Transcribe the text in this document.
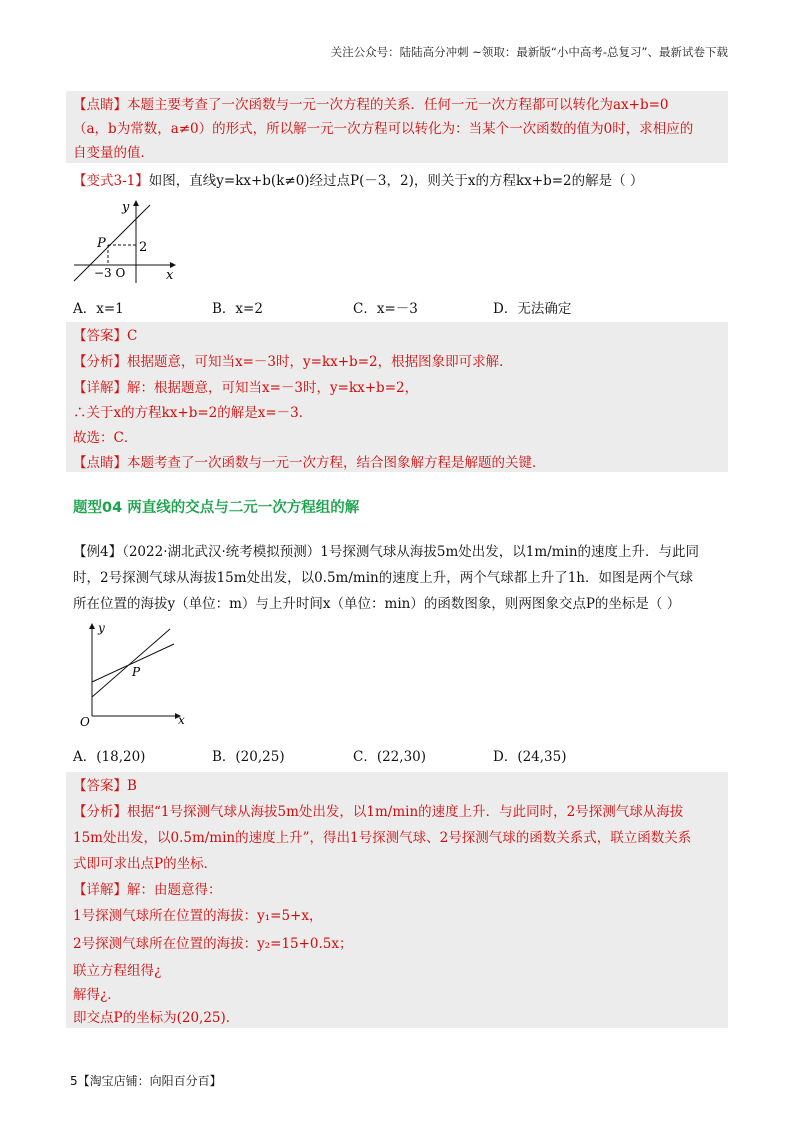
关注公众号：陆陆高分冲刺 ~领取：最新版“小中高考-总复习”、最新试卷下载
【点睛】本题主要考查了一次函数与一元一次方程的关系．任何一元一次方程都可以转化为ax+b=0
（a，b为常数，a≠0）的形式，所以解一元一次方程可以转化为：当某个一次函数的值为0时，求相应的
自变量的值．
【变式3-1】如图，直线y=kx+b(k≠0)经过点P(－3，2)，则关于x的方程kx+b=2的解是（ ）
y
x
P	2
−3 O
A．x=1	B．x=2	C．x=－3	D．无法确定
【答案】C
【分析】根据题意，可知当x=－3时，y=kx+b=2，根据图象即可求解．
【详解】解：根据题意，可知当x=－3时，y=kx+b=2，
∴关于x的方程kx+b=2的解是x=－3．
故选：C．
【点睛】本题考查了一次函数与一元一次方程，结合图象解方程是解题的关键．
题型04 两直线的交点与二元一次方程组的解
【例4】（2022·湖北武汉·统考模拟预测）1号探测气球从海拔5m处出发，以1m/min的速度上升．与此同
时，2号探测气球从海拔15m处出发，以0.5m/min的速度上升，两个气球都上升了1h．如图是两个气球
所在位置的海拔y（单位：m）与上升时间x（单位：min）的函数图象，则两图象交点P的坐标是（ ）
y
x
P
O
A．(18,20)	B．(20,25)	C．(22,30)	D．(24,35)
【答案】B
【分析】根据“1号探测气球从海拔5m处出发，以1m/min的速度上升．与此同时，2号探测气球从海拔
15m处出发，以0.5m/min的速度上升”，得出1号探测气球、2号探测气球的函数关系式，联立函数关系
式即可求出点P的坐标．
【详解】解：由题意得：
1号探测气球所在位置的海拔：y₁=5+x，
2号探测气球所在位置的海拔：y₂=15+0.5x；
联立方程组得¿
解得¿．
即交点P的坐标为(20,25)．
5【淘宝店铺：向阳百分百】
